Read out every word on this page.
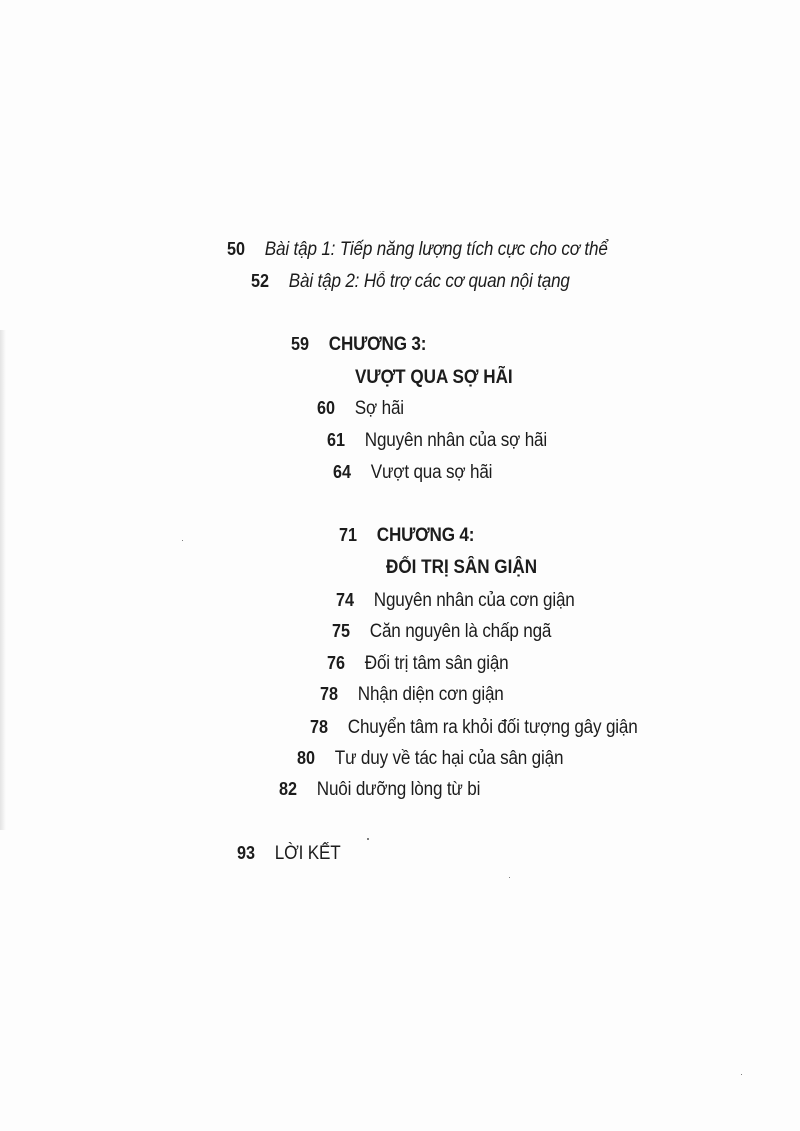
50 Bài tập 1: Tiếp năng lượng tích cực cho cơ thể
52 Bài tập 2: Hỗ trợ các cơ quan nội tạng
59 CHƯƠNG 3:
VƯỢT QUA SỢ HÃI
60 Sợ hãi
61 Nguyên nhân của sợ hãi
64 Vượt qua sợ hãi
71 CHƯƠNG 4:
ĐỐI TRỊ SÂN GIẬN
74 Nguyên nhân của cơn giận
75 Căn nguyên là chấp ngã
76 Đối trị tâm sân giận
78 Nhận diện cơn giận
78 Chuyển tâm ra khỏi đối tượng gây giận
80 Tư duy về tác hại của sân giận
82 Nuôi dưỡng lòng từ bi
93 LỜI KẾT
